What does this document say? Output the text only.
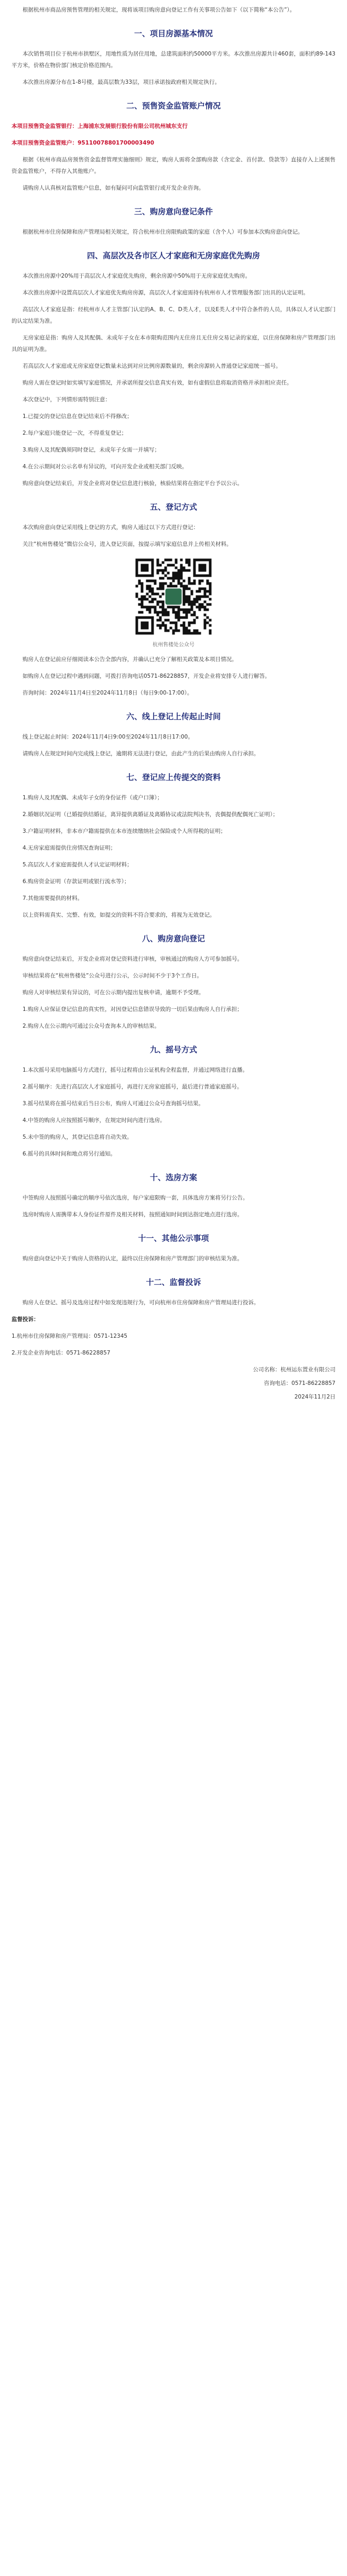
根据杭州市商品房预售管理的相关规定，现将该项目购房意向登记工作有关事项公告如下（以下简称“本公告”）。

一、项目房源基本情况

本次销售项目位于杭州市拱墅区，用地性质为居住用地，总建筑面积约50000平方米。本次推出房源共计460套，面积约89-143平方米，价格在物价部门核定价格范围内。

本次推出房源分布在1-8号楼，最高层数为33层，项目承诺按政府相关规定执行。

二、预售资金监管账户情况

本项目预售资金监管银行：上海浦东发展银行股份有限公司杭州城东支行

本项目预售资金监管账户：95110078801700003490

根据《杭州市商品房预售资金监督管理实施细则》规定，购房人需将全部购房款（含定金、首付款、贷款等）直接存入上述预售资金监管账户，不得存入其他账户。

请购房人认真核对监管账户信息，如有疑问可向监管银行或开发企业咨询。

三、购房意向登记条件

根据杭州市住房保障和房产管理局相关规定，符合杭州市住房限购政策的家庭（含个人）可参加本次购房意向登记。

四、高层次及各市区人才家庭和无房家庭优先购房

本次推出房源中20%用于高层次人才家庭优先购房，剩余房源中50%用于无房家庭优先购房。

本次推出房源中设置高层次人才家庭优先购房房源，高层次人才家庭需持有杭州市人才管理服务部门出具的认定证明。

高层次人才家庭是指：经杭州市人才主管部门认定的A、B、C、D类人才，以及E类人才中符合条件的人员，具体以人才认定部门的认定结果为准。

无房家庭是指：购房人及其配偶、未成年子女在本市限购范围内无住房且无住房交易记录的家庭，以住房保障和房产管理部门出具的证明为准。

若高层次人才家庭或无房家庭登记数量未达到对应比例房源数量的，剩余房源转入普通登记家庭统一摇号。

购房人需在登记时如实填写家庭情况，并承诺所提交信息真实有效，如有虚假信息将取消资格并承担相应责任。

本次登记中，下列情形需特别注意：

1.已提交的登记信息在登记结束后不得修改；

2.每户家庭只能登记一次，不得重复登记；

3.购房人及其配偶须同时登记，未成年子女需一并填写；

4.在公示期间对公示名单有异议的，可向开发企业或相关部门反映。

购房意向登记结束后，开发企业将对登记信息进行核验，核验结果将在指定平台予以公示。

五、登记方式

本次购房意向登记采用线上登记的方式，购房人通过以下方式进行登记：

关注“杭州售楼处”微信公众号，进入登记页面，按提示填写家庭信息并上传相关材料。

杭州售楼处公众号

购房人在登记前应仔细阅读本公告全部内容，并确认已充分了解相关政策及本项目情况。

如购房人在登记过程中遇到问题，可拨打咨询电话0571-86228857，开发企业将安排专人进行解答。

咨询时间：2024年11月4日至2024年11月8日（每日9:00-17:00）。

六、线上登记上传起止时间

线上登记起止时间：2024年11月4日9:00至2024年11月8日17:00。

请购房人在规定时间内完成线上登记，逾期将无法进行登记，由此产生的后果由购房人自行承担。

七、登记应上传提交的资料

1.购房人及其配偶、未成年子女的身份证件（或户口簿）；

2.婚姻状况证明（已婚提供结婚证，离异提供离婚证及离婚协议或法院判决书，丧偶提供配偶死亡证明）；

3.户籍证明材料，非本市户籍需提供在本市连续缴纳社会保险或个人所得税的证明；

4.无房家庭需提供住房情况查询证明；

5.高层次人才家庭需提供人才认定证明材料；

6.购房资金证明（存款证明或银行流水等）；

7.其他需要提供的材料。

以上资料需真实、完整、有效，如提交的资料不符合要求的，将视为无效登记。

八、购房意向登记

购房意向登记结束后，开发企业将对登记资料进行审核，审核通过的购房人方可参加摇号。

审核结果将在“杭州售楼处”公众号进行公示，公示时间不少于3个工作日。

购房人对审核结果有异议的，可在公示期内提出复核申请，逾期不予受理。

1.购房人应保证登记信息的真实性，对因登记信息错误导致的一切后果由购房人自行承担；

2.购房人在公示期内可通过公众号查询本人的审核结果。

九、摇号方式

1.本次摇号采用电脑摇号方式进行，摇号过程将由公证机构全程监督，并通过网络进行直播。

2.摇号顺序：先进行高层次人才家庭摇号，再进行无房家庭摇号，最后进行普通家庭摇号。

3.摇号结果将在摇号结束后当日公布，购房人可通过公众号查询摇号结果。

4.中签的购房人应按照摇号顺序，在规定时间内进行选房。

5.未中签的购房人，其登记信息将自动失效。

6.摇号的具体时间和地点将另行通知。

十、选房方案

中签购房人按照摇号确定的顺序号依次选房，每户家庭限购一套，具体选房方案将另行公告。

选房时购房人需携带本人身份证件原件及相关材料，按照通知时间到达指定地点进行选房。

十一、其他公示事项

购房意向登记中关于购房人资格的认定，最终以住房保障和房产管理部门的审核结果为准。

十二、监督投诉

购房人在登记、摇号及选房过程中如发现违规行为，可向杭州市住房保障和房产管理局进行投诉。

监督投诉：

1.杭州市住房保障和房产管理局：0571-12345

2.开发企业咨询电话：0571-86228857

公司名称：杭州运东置业有限公司

咨询电话：0571-86228857

2024年11月2日
